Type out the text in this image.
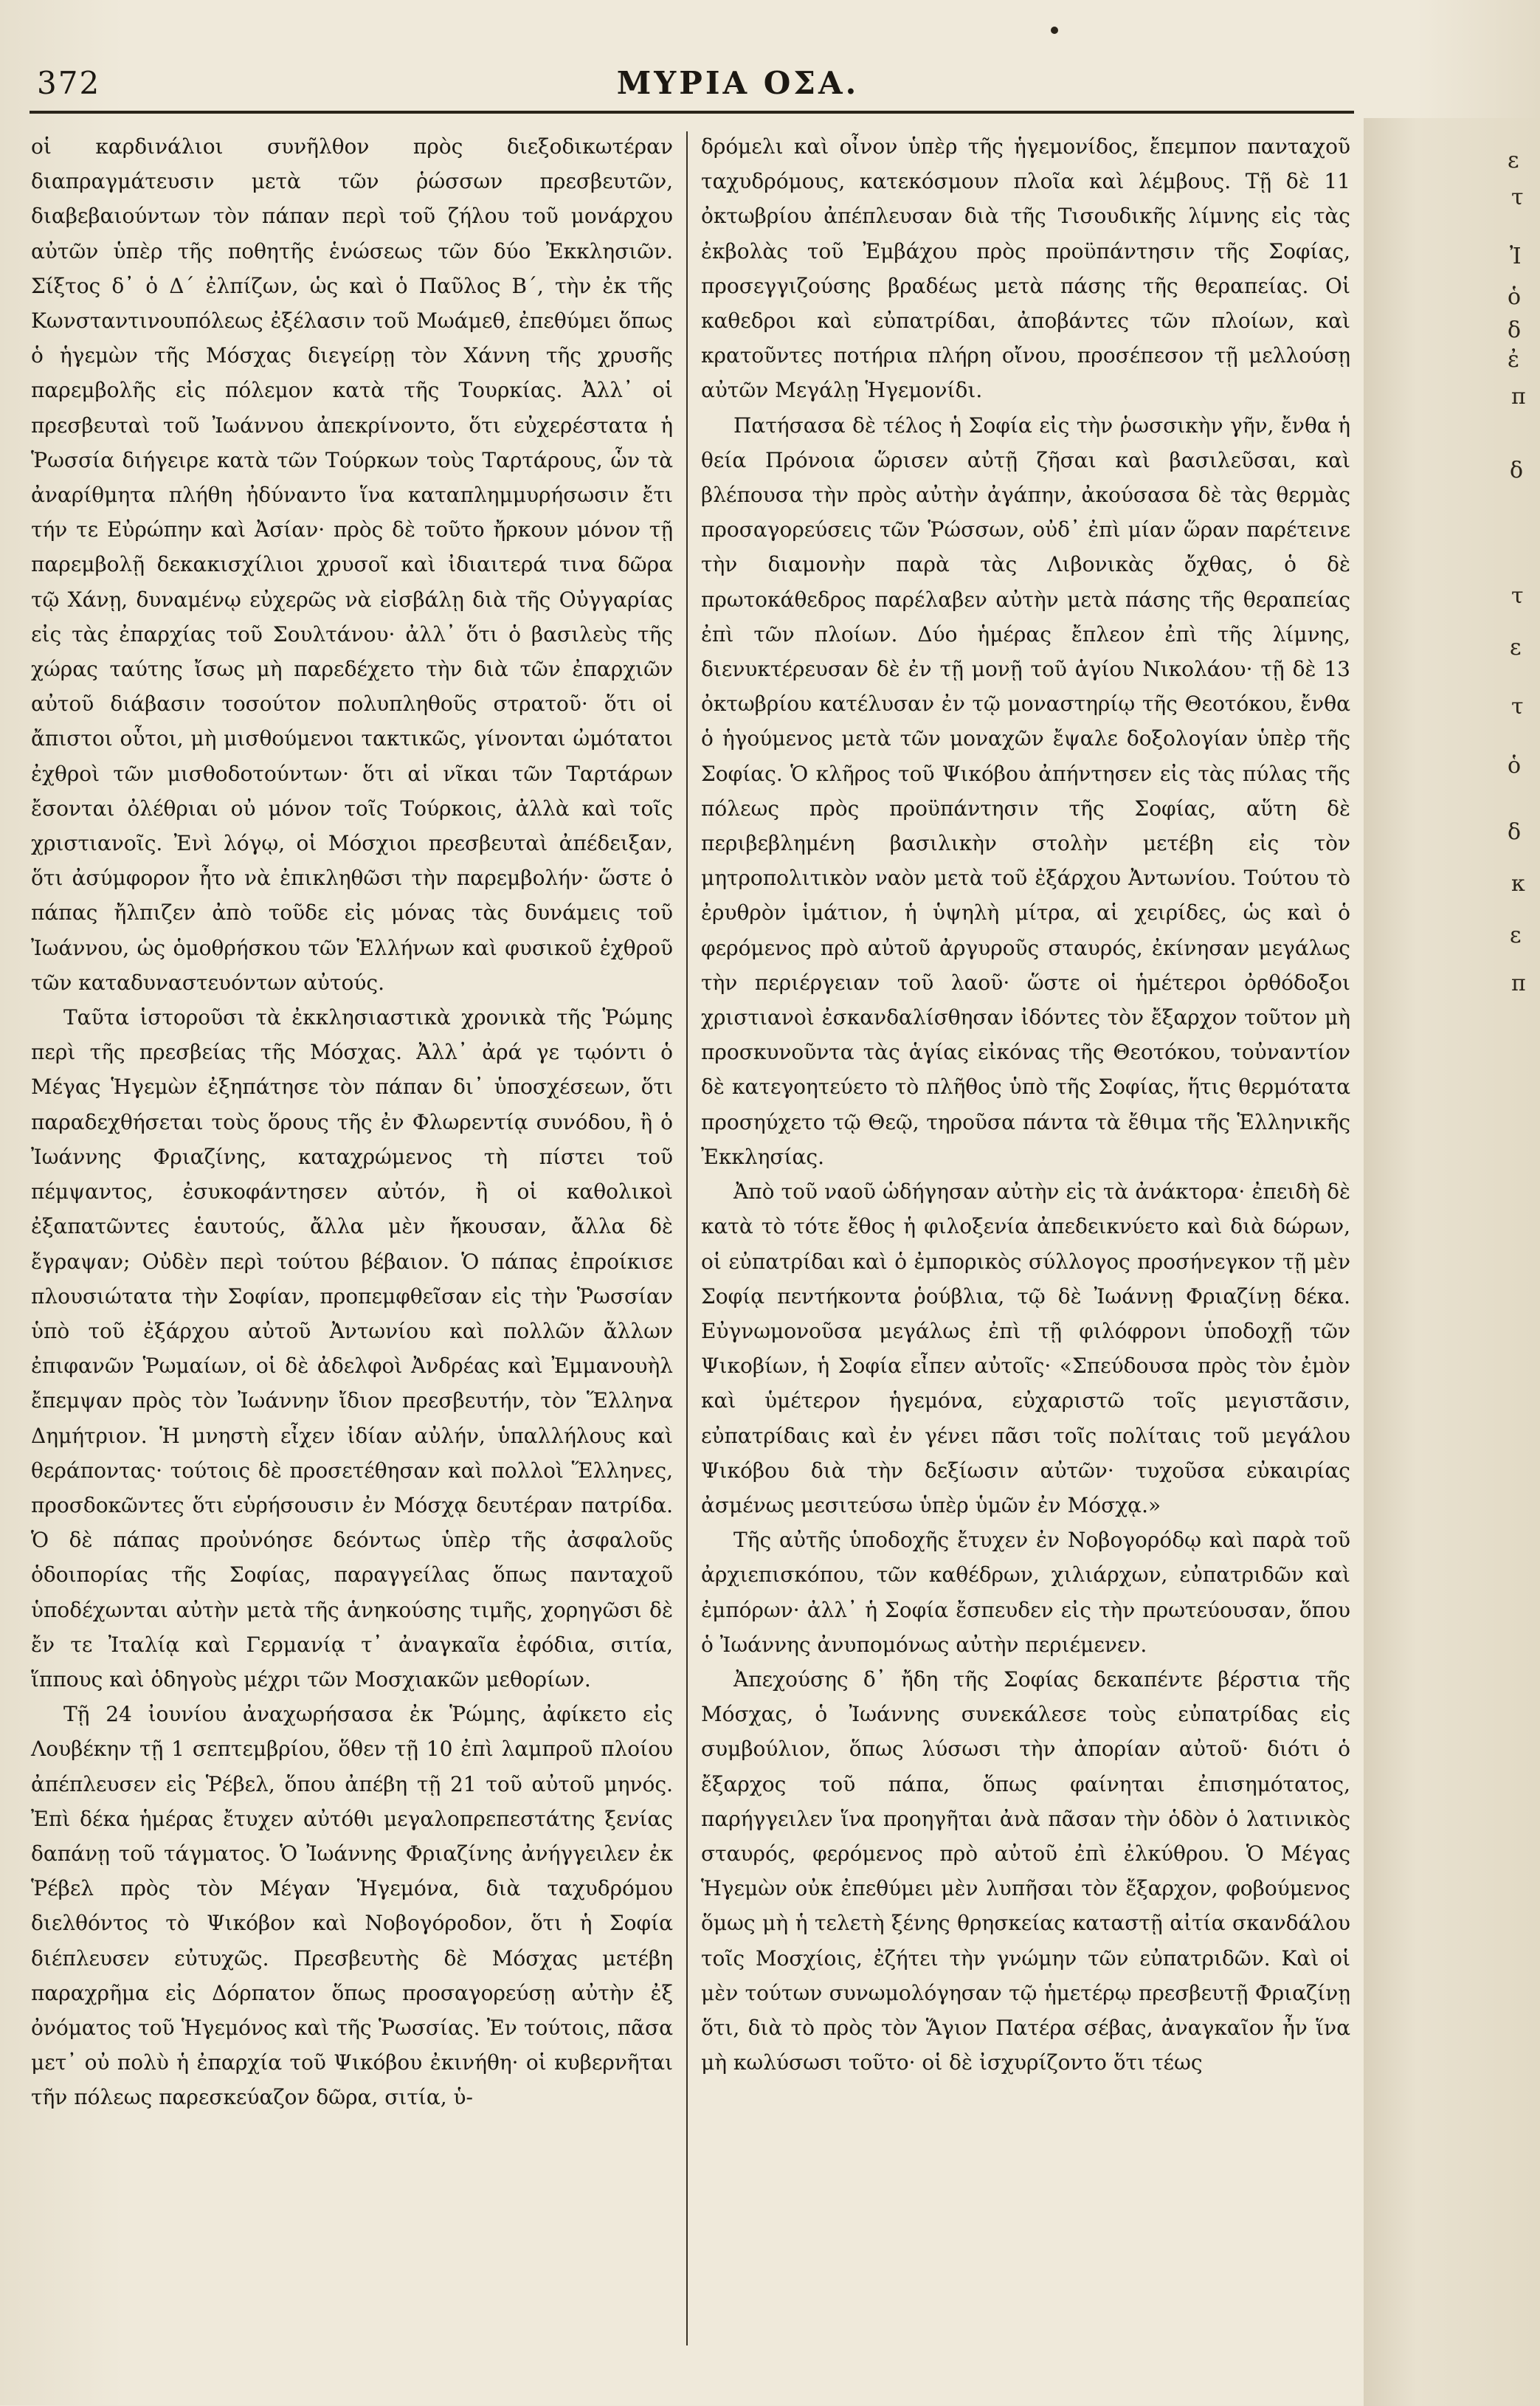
372	ΜΥΡΙΑ ΟΣΑ.

οἱ καρδινάλιοι συνῆλθον πρὸς διεξοδικωτέραν διαπραγμάτευσιν μετὰ τῶν ῥώσσων πρεσβευτῶν, διαβεβαιούντων τὸν πάπαν περὶ τοῦ ζήλου τοῦ μονάρχου αὐτῶν ὑπὲρ τῆς ποθητῆς ἑνώσεως τῶν δύο Ἐκκλησιῶν. Σίξτος δ᾽ ὁ Δ´ ἐλπίζων, ὡς καὶ ὁ Παῦλος Β´, τὴν ἐκ τῆς Κωνσταντινουπόλεως ἐξέλασιν τοῦ Μωάμεθ, ἐπεθύμει ὅπως ὁ ἡγεμὼν τῆς Μόσχας διεγείρῃ τὸν Χάννη τῆς χρυσῆς παρεμβολῆς εἰς πόλεμον κατὰ τῆς Τουρκίας. Ἀλλ᾽ οἱ πρεσβευταὶ τοῦ Ἰωάννου ἀπεκρίνοντο, ὅτι εὐχερέστατα ἡ Ῥωσσία διήγειρε κατὰ τῶν Τούρκων τοὺς Ταρτάρους, ὧν τὰ ἀναρίθμητα πλήθη ἠδύναντο ἵνα καταπλημμυρήσωσιν ἔτι τήν τε Εὐρώπην καὶ Ἀσίαν· πρὸς δὲ τοῦτο ἤρκουν μόνον τῇ παρεμβολῇ δεκακισχίλιοι χρυσοῖ καὶ ἰδιαιτερά τινα δῶρα τῷ Χάνῃ, δυναμένῳ εὐχερῶς νὰ εἰσβάλῃ διὰ τῆς Οὐγγαρίας εἰς τὰς ἐπαρχίας τοῦ Σουλτάνου· ἀλλ᾽ ὅτι ὁ βασιλεὺς τῆς χώρας ταύτης ἴσως μὴ παρεδέχετο τὴν διὰ τῶν ἐπαρχιῶν αὐτοῦ διάβασιν τοσούτον πολυπληθοῦς στρατοῦ· ὅτι οἱ ἄπιστοι οὗτοι, μὴ μισθούμενοι τακτικῶς, γίνονται ὠμότατοι ἐχθροὶ τῶν μισθοδοτούντων· ὅτι αἱ νῖκαι τῶν Ταρτάρων ἔσονται ὀλέθριαι οὐ μόνον τοῖς Τούρκοις, ἀλλὰ καὶ τοῖς χριστιανοῖς. Ἐνὶ λόγῳ, οἱ Μόσχιοι πρεσβευταὶ ἀπέδειξαν, ὅτι ἀσύμφορον ἦτο νὰ ἐπικληθῶσι τὴν παρεμβολήν· ὥστε ὁ πάπας ἤλπιζεν ἀπὸ τοῦδε εἰς μόνας τὰς δυνάμεις τοῦ Ἰωάννου, ὡς ὁμοθρήσκου τῶν Ἑλλήνων καὶ φυσικοῦ ἐχθροῦ τῶν καταδυναστευόντων αὐτούς.

Ταῦτα ἱστοροῦσι τὰ ἐκκλησιαστικὰ χρονικὰ τῆς Ῥώμης περὶ τῆς πρεσβείας τῆς Μόσχας. Ἀλλ᾽ ἀρά γε τῳόντι ὁ Μέγας Ἡγεμὼν ἐξηπάτησε τὸν πάπαν δι᾽ ὑποσχέσεων, ὅτι παραδεχθήσεται τοὺς ὅρους τῆς ἐν Φλωρεντίᾳ συνόδου, ἢ ὁ Ἰωάννης Φριαζίνης, καταχρώμενος τὴ πίστει τοῦ πέμψαντος, ἐσυκοφάντησεν αὐτόν, ἢ οἱ καθολικοὶ ἐξαπατῶντες ἑαυτούς, ἄλλα μὲν ἤκουσαν, ἄλλα δὲ ἔγραψαν; Οὐδὲν περὶ τούτου βέβαιον. Ὁ πάπας ἐπροίκισε πλουσιώτατα τὴν Σοφίαν, προπεμφθεῖσαν εἰς τὴν Ῥωσσίαν ὑπὸ τοῦ ἐξάρχου αὐτοῦ Ἀντωνίου καὶ πολλῶν ἄλλων ἐπιφανῶν Ῥωμαίων, οἱ δὲ ἀδελφοὶ Ἀνδρέας καὶ Ἐμμανουὴλ ἔπεμψαν πρὸς τὸν Ἰωάννην ἴδιον πρεσβευτήν, τὸν Ἕλληνα Δημήτριον. Ἡ μνηστὴ εἶχεν ἰδίαν αὐλήν, ὑπαλλήλους καὶ θεράποντας· τούτοις δὲ προσετέθησαν καὶ πολλοὶ Ἕλληνες, προσδοκῶντες ὅτι εὑρήσουσιν ἐν Μόσχᾳ δευτέραν πατρίδα. Ὁ δὲ πάπας προὐνόησε δεόντως ὑπὲρ τῆς ἀσφαλοῦς ὁδοιπορίας τῆς Σοφίας, παραγγείλας ὅπως πανταχοῦ ὑποδέχωνται αὐτὴν μετὰ τῆς ἁνηκούσης τιμῆς, χορηγῶσι δὲ ἔν τε Ἰταλίᾳ καὶ Γερμανίᾳ τ᾽ ἀναγκαῖα ἐφόδια, σιτία, ἵππους καὶ ὁδηγοὺς μέχρι τῶν Μοσχιακῶν μεθορίων.

Τῇ 24 ἰουνίου ἀναχωρήσασα ἐκ Ῥώμης, ἀφίκετο εἰς Λουβέκην τῇ 1 σεπτεμβρίου, ὅθεν τῇ 10 ἐπὶ λαμπροῦ πλοίου ἀπέπλευσεν εἰς Ῥέβελ, ὅπου ἀπέβη τῇ 21 τοῦ αὐτοῦ μηνός. Ἐπὶ δέκα ἡμέρας ἔτυχεν αὐτόθι μεγαλοπρεπεστάτης ξενίας δαπάνῃ τοῦ τάγματος. Ὁ Ἰωάννης Φριαζίνης ἀνήγγειλεν ἐκ Ῥέβελ πρὸς τὸν Μέγαν Ἡγεμόνα, διὰ ταχυδρόμου διελθόντος τὸ Ψικόβον καὶ Νοβογόροδον, ὅτι ἡ Σοφία διέπλευσεν εὐτυχῶς. Πρεσβευτὴς δὲ Μόσχας μετέβη παραχρῆμα εἰς Δόρπατον ὅπως προσαγορεύσῃ αὐτὴν ἐξ ὀνόματος τοῦ Ἡγεμόνος καὶ τῆς Ῥωσσίας. Ἐν τούτοις, πᾶσα μετ᾽ οὐ πολὺ ἡ ἐπαρχία τοῦ Ψικόβου ἐκινήθη· οἱ κυβερνῆται τῆν πόλεως παρεσκεύαζον δῶρα, σιτία, ὑ-

δρόμελι καὶ οἶνον ὑπὲρ τῆς ἡγεμονίδος, ἔπεμπον πανταχοῦ ταχυδρόμους, κατεκόσμουν πλοῖα καὶ λέμβους. Τῇ δὲ 11 ὀκτωβρίου ἀπέπλευσαν διὰ τῆς Τισουδικῆς λίμνης εἰς τὰς ἐκβολὰς τοῦ Ἐμβάχου πρὸς προϋπάντησιν τῆς Σοφίας, προσεγγιζούσης βραδέως μετὰ πάσης τῆς θεραπείας. Οἱ καθεδροι καὶ εὐπατρίδαι, ἀποβάντες τῶν πλοίων, καὶ κρατοῦντες ποτήρια πλήρη οἴνου, προσέπεσον τῇ μελλούσῃ αὐτῶν Μεγάλῃ Ἡγεμονίδι.

Πατήσασα δὲ τέλος ἡ Σοφία εἰς τὴν ῥωσσικὴν γῆν, ἔνθα ἡ θεία Πρόνοια ὥρισεν αὐτῇ ζῆσαι καὶ βασιλεῦσαι, καὶ βλέπουσα τὴν πρὸς αὐτὴν ἀγάπην, ἀκούσασα δὲ τὰς θερμὰς προσαγορεύσεις τῶν Ῥώσσων, οὐδ᾽ ἐπὶ μίαν ὥραν παρέτεινε τὴν διαμονὴν παρὰ τὰς Λιβονικὰς ὄχθας, ὁ δὲ πρωτοκάθεδρος παρέλαβεν αὐτὴν μετὰ πάσης τῆς θεραπείας ἐπὶ τῶν πλοίων. Δύο ἡμέρας ἔπλεον ἐπὶ τῆς λίμνης, διενυκτέρευσαν δὲ ἐν τῇ μονῇ τοῦ ἁγίου Νικολάου· τῇ δὲ 13 ὀκτωβρίου κατέλυσαν ἐν τῷ μοναστηρίῳ τῆς Θεοτόκου, ἔνθα ὁ ἡγούμενος μετὰ τῶν μοναχῶν ἔψαλε δοξολογίαν ὑπὲρ τῆς Σοφίας. Ὁ κλῆρος τοῦ Ψικόβου ἀπήντησεν εἰς τὰς πύλας τῆς πόλεως πρὸς προϋπάντησιν τῆς Σοφίας, αὕτη δὲ περιβεβλημένη βασιλικὴν στολὴν μετέβη εἰς τὸν μητροπολιτικὸν ναὸν μετὰ τοῦ ἐξάρχου Ἀντωνίου. Τούτου τὸ ἐρυθρὸν ἱμάτιον, ἡ ὑψηλὴ μίτρα, αἱ χειρίδες, ὡς καὶ ὁ φερόμενος πρὸ αὐτοῦ ἀργυροῦς σταυρός, ἐκίνησαν μεγάλως τὴν περιέργειαν τοῦ λαοῦ· ὥστε οἱ ἡμέτεροι ὀρθόδοξοι χριστιανοὶ ἐσκανδαλίσθησαν ἰδόντες τὸν ἔξαρχον τοῦτον μὴ προσκυνοῦντα τὰς ἁγίας εἰκόνας τῆς Θεοτόκου, τοὐναντίον δὲ κατεγοητεύετο τὸ πλῆθος ὑπὸ τῆς Σοφίας, ἥτις θερμότατα προσηύχετο τῷ Θεῷ, τηροῦσα πάντα τὰ ἔθιμα τῆς Ἑλληνικῆς Ἐκκλησίας.

Ἀπὸ τοῦ ναοῦ ὡδήγησαν αὐτὴν εἰς τὰ ἀνάκτορα· ἐπειδὴ δὲ κατὰ τὸ τότε ἔθος ἡ φιλοξενία ἀπεδεικνύετο καὶ διὰ δώρων, οἱ εὐπατρίδαι καὶ ὁ ἐμπορικὸς σύλλογος προσήνεγκον τῇ μὲν Σοφίᾳ πεντήκοντα ῥούβλια, τῷ δὲ Ἰωάννῃ Φριαζίνῃ δέκα. Εὐγνωμονοῦσα μεγάλως ἐπὶ τῇ φιλόφρονι ὑποδοχῇ τῶν Ψικοβίων, ἡ Σοφία εἶπεν αὐτοῖς· «Σπεύδουσα πρὸς τὸν ἐμὸν καὶ ὑμέτερον ἡγεμόνα, εὐχαριστῶ τοῖς μεγιστᾶσιν, εὐπατρίδαις καὶ ἐν γένει πᾶσι τοῖς πολίταις τοῦ μεγάλου Ψικόβου διὰ τὴν δεξίωσιν αὐτῶν· τυχοῦσα εὐκαιρίας ἀσμένως μεσιτεύσω ὑπὲρ ὑμῶν ἐν Μόσχᾳ.»

Τῆς αὐτῆς ὑποδοχῆς ἔτυχεν ἐν Νοβογορόδῳ καὶ παρὰ τοῦ ἀρχιεπισκόπου, τῶν καθέδρων, χιλιάρχων, εὐπατριδῶν καὶ ἐμπόρων· ἀλλ᾽ ἡ Σοφία ἔσπευδεν εἰς τὴν πρωτεύουσαν, ὅπου ὁ Ἰωάννης ἀνυπομόνως αὐτὴν περιέμενεν.

Ἀπεχούσης δ᾽ ἤδη τῆς Σοφίας δεκαπέντε βέρστια τῆς Μόσχας, ὁ Ἰωάννης συνεκάλεσε τοὺς εὐπατρίδας εἰς συμβούλιον, ὅπως λύσωσι τὴν ἀπορίαν αὐτοῦ· διότι ὁ ἔξαρχος τοῦ πάπα, ὅπως φαίνηται ἐπισημότατος, παρήγγειλεν ἵνα προηγῆται ἀνὰ πᾶσαν τὴν ὁδὸν ὁ λατινικὸς σταυρός, φερόμενος πρὸ αὐτοῦ ἐπὶ ἐλκύθρου. Ὁ Μέγας Ἡγεμὼν οὐκ ἐπεθύμει μὲν λυπῆσαι τὸν ἔξαρχον, φοβούμενος ὅμως μὴ ἡ τελετὴ ξένης θρησκείας καταστῇ αἰτία σκανδάλου τοῖς Μοσχίοις, ἐζήτει τὴν γνώμην τῶν εὐπατριδῶν. Καὶ οἱ μὲν τούτων συνωμολόγησαν τῷ ἡμετέρῳ πρεσβευτῇ Φριαζίνῃ ὅτι, διὰ τὸ πρὸς τὸν Ἅγιον Πατέρα σέβας, ἀναγκαῖον ἦν ἵνα μὴ κωλύσωσι τοῦτο· οἱ δὲ ἰσχυρίζοντο ὅτι τέως

ε
τ
Ἰ
ὁ
δ
ἐ
π
δ
τ
ε
τ
ὁ
δ
κ
ε
π
